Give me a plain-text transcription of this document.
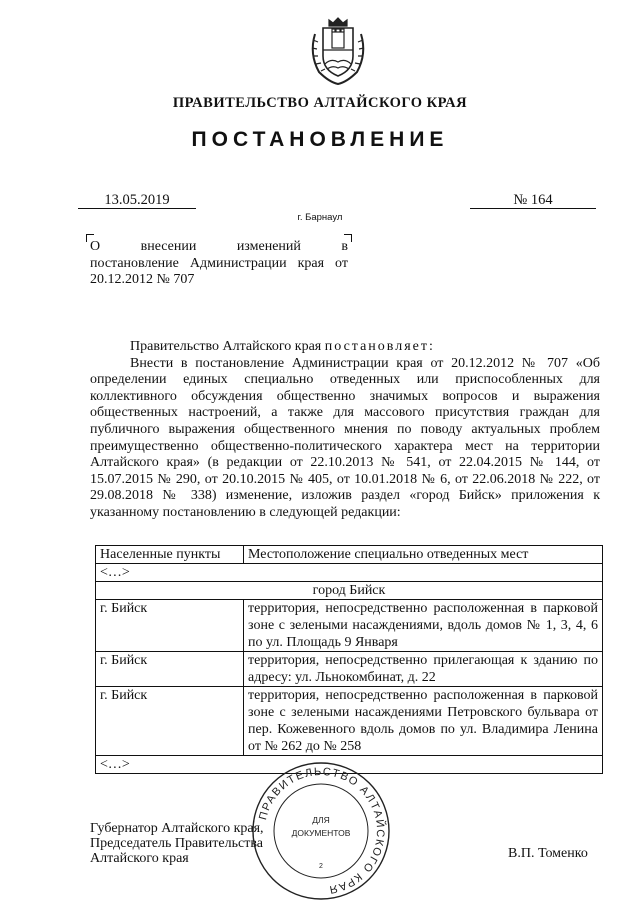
ПРАВИТЕЛЬСТВО АЛТАЙСКОГО КРАЯ
ПОСТАНОВЛЕНИЕ
13.05.2019
г. Барнаул
№ 164
О	внесении	изменений	в
постановление Администрации края от 20.12.2012 № 707

Правительство Алтайского края постановляет:

Внести в постановление Администрации края от 20.12.2012 № 707 «Об определении единых специально отведенных или приспособленных для коллективного обсуждения общественно значимых вопросов и выражения общественных настроений, а также для массового присутствия граждан для публичного выражения общественного мнения по поводу актуальных проблем преимущественно общественно-политического характера мест на территории Алтайского края» (в редакции от 22.10.2013 № 541, от 22.04.2015 № 144, от 15.07.2015 № 290, от 20.10.2015 № 405, от 10.01.2018 № 6, от 22.06.2018 № 222, от 29.08.2018 № 338) изменение, изложив раздел «город Бийск» приложения к указанному постановлению в следующей редакции:

Населенные пункты	Местоположение специально отведенных мест
<…>	
город Бийск	
г. Бийск	территория, непосредственно расположенная в парковой зоне с зелеными насаждениями, вдоль домов № 1, 3, 4, 6 по ул. Площадь 9 Января
г. Бийск	территория, непосредственно прилегающая к зданию по адресу: ул. Льнокомбинат, д. 22
г. Бийск	территория, непосредственно расположенная в парковой зоне с зелеными насаждениями Петровского бульвара от пер. Кожевенного вдоль домов по ул. Владимира Ленина от № 262 до № 258
<…>	
Губернатор Алтайского края,
Председатель Правительства
Алтайского края	В.П. Томенко
ПРАВИТЕЛЬСТВО АЛТАЙСКОГО КРАЯ
ДЛЯ
ДОКУМЕНТОВ
2
